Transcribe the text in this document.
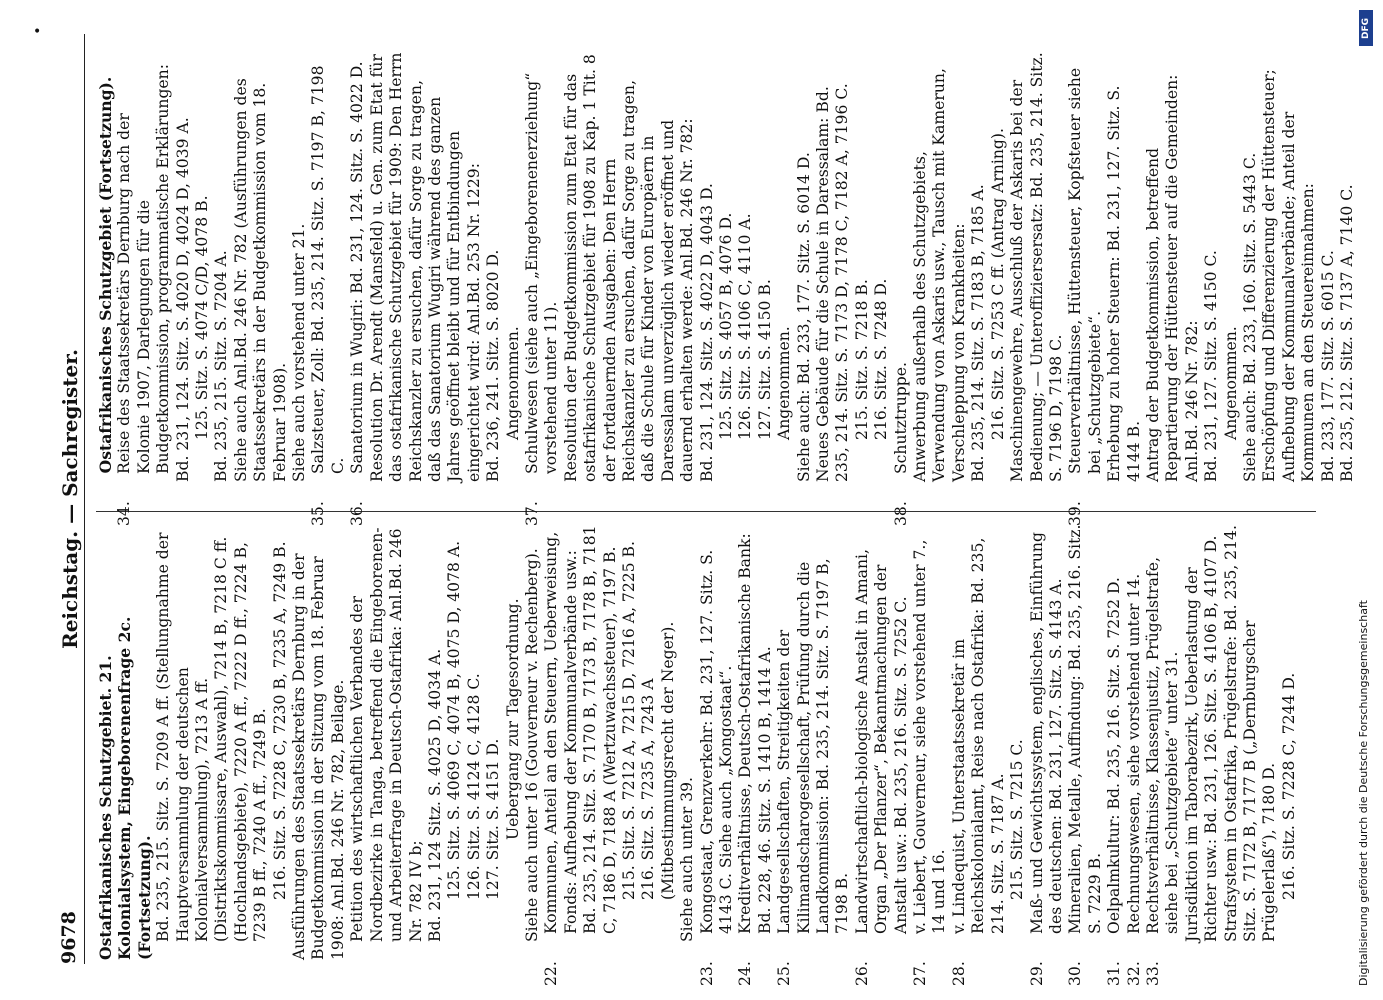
•
9678
Reichstag. — Sachregister.

Ostafrikanisches Schutzgebiet. 21. Kolonialsystem, Eingeborenenfrage 2c. (Fortsetzung). Bd. 235, 215. Sitz. S. 7209 A ff. (Stellungnahme der Hauptversammlung der deutschen Kolonialversammlung), 7213 A ff. (Distriktskommissare, Auswahl), 7214 B, 7218 C ff. (Hochlandsgebiete), 7220 A ff., 7222 D ff., 7224 B, 7239 B ff., 7240 A ff., 7249 B. 216. Sitz. S. 7228 C, 7230 B, 7235 A, 7249 B. Ausführungen des Staatssekretärs Dernburg in der Budgetkommission in der Sitzung vom 18. Februar 1908: Anl.Bd. 246 Nr. 782, Beilage. Petition des wirtschaftlichen Verbandes der Nordbezirke in Tanga, betreffend die Eingeborenen- und Arbeiterfrage in Deutsch-Ostafrika: Anl.Bd. 246 Nr. 782 IV b; Bd. 231, 124 Sitz. S. 4025 D, 4034 A. 125. Sitz. S. 4069 C, 4074 B, 4075 D, 4078 A. 126. Sitz. S. 4124 C, 4128 C. 127. Sitz. S. 4151 D. Uebergang zur Tagesordnung. Siehe auch unter 16 (Gouverneur v. Rechenberg).

22.Kommunen, Anteil an den Steuern, Ueberweisung, Fonds: Aufhebung der Kommunalverbände usw.: Bd. 235, 214. Sitz. S. 7170 B, 7173 B, 7178 B, 7181 C, 7186 D, 7188 A (Wertzuwachssteuer), 7197 B. 215. Sitz. S. 7212 A, 7215 D, 7216 A, 7225 B. 216. Sitz. S. 7235 A, 7243 A (Mitbestimmungsrecht der Neger). Siehe auch unter 39.

23.Kongostaat, Grenzverkehr: Bd. 231, 127. Sitz. S. 4143 C. Siehe auch „Kongostaat“.

24.Kreditverhältnisse, Deutsch-Ostafrikanische Bank: Bd. 228, 46. Sitz. S. 1410 B, 1414 A.

25.Landgesellschaften, Streitigkeiten der Kilimandscharogesellschaft, Prüfung durch die Landkommission: Bd. 235, 214. Sitz. S. 7197 B, 7198 B.

26.Landwirtschaftlich-biologische Anstalt in Amani, Organ „Der Pflanzer“, Bekanntmachungen der Anstalt usw.: Bd. 235, 216. Sitz. S. 7252 C.

27.v. Liebert, Gouverneur, siehe vorstehend unter 7., 14 und 16.

28.v. Lindequist, Unterstaatssekretär im Reichskolonialamt, Reise nach Ostafrika: Bd. 235, 214. Sitz. S. 7187 A. 215. Sitz. S. 7215 C.

29.Maß- und Gewichtssystem, englisches, Einführung des deutschen: Bd. 231, 127. Sitz. S. 4143 A.

30.Mineralien, Metalle, Auffindung: Bd. 235, 216. Sitz. S. 7229 B.

31.Oelpalmkultur: Bd. 235, 216. Sitz. S. 7252 D.

32.Rechnungswesen, siehe vorstehend unter 14.

33.Rechtsverhältnisse, Klassenjustiz, Prügelstrafe, siehe bei „Schutzgebiete“ unter 31. Jurisdiktion im Taborabezirk, Ueberlastung der Richter usw.: Bd. 231, 126. Sitz. S. 4106 B, 4107 D. Strafsystem in Ostafrika, Prügelstrafe: Bd. 235, 214. Sitz. S. 7172 B, 7177 B („Dernburgscher Prügelerlaß“), 7180 D. 216. Sitz. S. 7228 C, 7244 D.

Ostafrikanisches Schutzgebiet (Fortsetzung).

34.Reise des Staatssekretärs Dernburg nach der Kolonie 1907, Darlegungen für die Budgetkommission, programmatische Erklärungen: Bd. 231, 124. Sitz. S. 4020 D, 4024 D, 4039 A. 125. Sitz. S. 4074 C/D, 4078 B. Bd. 235, 215. Sitz. S. 7204 A. Siehe auch Anl.Bd. 246 Nr. 782 (Ausführungen des Staatssekretärs in der Budgetkommission vom 18. Februar 1908). Siehe auch vorstehend unter 21.

35.Salzsteuer, Zoll: Bd. 235, 214. Sitz. S. 7197 B, 7198 C.

36.Sanatorium in Wugiri: Bd. 231, 124. Sitz. S. 4022 D. Resolution Dr. Arendt (Mansfeld) u. Gen. zum Etat für das ostafrikanische Schutzgebiet für 1909: Den Herrn Reichskanzler zu ersuchen, dafür Sorge zu tragen, daß das Sanatorium Wugiri während des ganzen Jahres geöffnet bleibt und für Entbindungen eingerichtet wird: Anl.Bd. 253 Nr. 1229: Bd. 236, 241. Sitz. S. 8020 D. Angenommen.

37.Schulwesen (siehe auch „Eingeborenenerziehung“ vorstehend unter 11). Resolution der Budgetkommission zum Etat für das ostafrikanische Schutzgebiet für 1908 zu Kap. 1 Tit. 8 der fortdauernden Ausgaben: Den Herrn Reichskanzler zu ersuchen, dafür Sorge zu tragen, daß die Schule für Kinder von Europäern in Daressalam unverzüglich wieder eröffnet und dauernd erhalten werde: Anl.Bd. 246 Nr. 782: Bd. 231, 124. Sitz. S. 4022 D, 4043 D. 125. Sitz. S. 4057 B, 4076 D. 126. Sitz. S. 4106 C, 4110 A. 127. Sitz. S. 4150 B. Angenommen. Siehe auch: Bd. 233, 177. Sitz. S. 6014 D. Neues Gebäude für die Schule in Daressalam: Bd. 235, 214. Sitz. S. 7173 D, 7178 C, 7182 A, 7196 C. 215. Sitz. S. 7218 B. 216. Sitz. S. 7248 D.

38.Schutztruppe. Anwerbung außerhalb des Schutzgebiets, Verwendung von Askaris usw., Tausch mit Kamerun, Verschleppung von Krankheiten: Bd. 235, 214. Sitz. S. 7183 B, 7185 A. 216. Sitz. S. 7253 C ff. (Antrag Arning). Maschinengewehre, Ausschluß der Askaris bei der Bedienung; — Unteroffiziersersatz: Bd. 235, 214. Sitz. S. 7196 D, 7198 C.

39.Steuerverhältnisse, Hüttensteuer, Kopfsteuer siehe bei „Schutzgebiete“. Erhebung zu hoher Steuern: Bd. 231, 127. Sitz. S. 4144 B. Antrag der Budgetkommission, betreffend Repartierung der Hüttensteuer auf die Gemeinden: Anl.Bd. 246 Nr. 782: Bd. 231, 127. Sitz. S. 4150 C. Angenommen. Siehe auch: Bd. 233, 160. Sitz. S. 5443 C. Erschöpfung und Differenzierung der Hüttensteuer; Aufhebung der Kommunalverbände; Anteil der Kommunen an den Steuereinnahmen: Bd. 233, 177. Sitz. S. 6015 C. Bd. 235, 212. Sitz. S. 7137 A, 7140 C.

DFG
Digitalisierung gefördert durch die Deutsche Forschungsgemeinschaft
